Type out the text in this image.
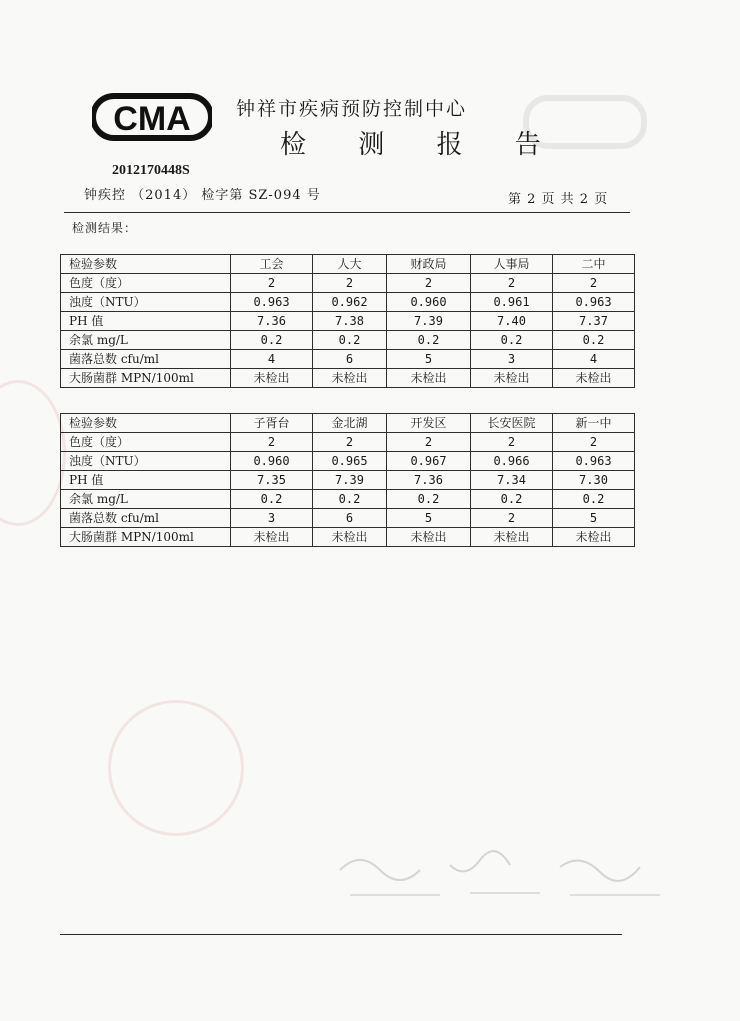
CMA 钟祥市疾病预防控制中心
检 测 报 告
2012170448S
钟疾控 （2014） 检字第 SZ-094 号	第 2 页 共 2 页
检测结果：
检验参数	工会	人大	财政局	人事局	二中
色度（度）	2	2	2	2	2
浊度（NTU）	0.963	0.962	0.960	0.961	0.963
PH 值	7.36	7.38	7.39	7.40	7.37
余氯 mg/L	0.2	0.2	0.2	0.2	0.2
菌落总数 cfu/ml	4	6	5	3	4
大肠菌群 MPN/100ml	未检出	未检出	未检出	未检出	未检出
检验参数	子胥台	金北湖	开发区	长安医院	新一中
色度（度）	2	2	2	2	2
浊度（NTU）	0.960	0.965	0.967	0.966	0.963
PH 值	7.35	7.39	7.36	7.34	7.30
余氯 mg/L	0.2	0.2	0.2	0.2	0.2
菌落总数 cfu/ml	3	6	5	2	5
大肠菌群 MPN/100ml	未检出	未检出	未检出	未检出	未检出
